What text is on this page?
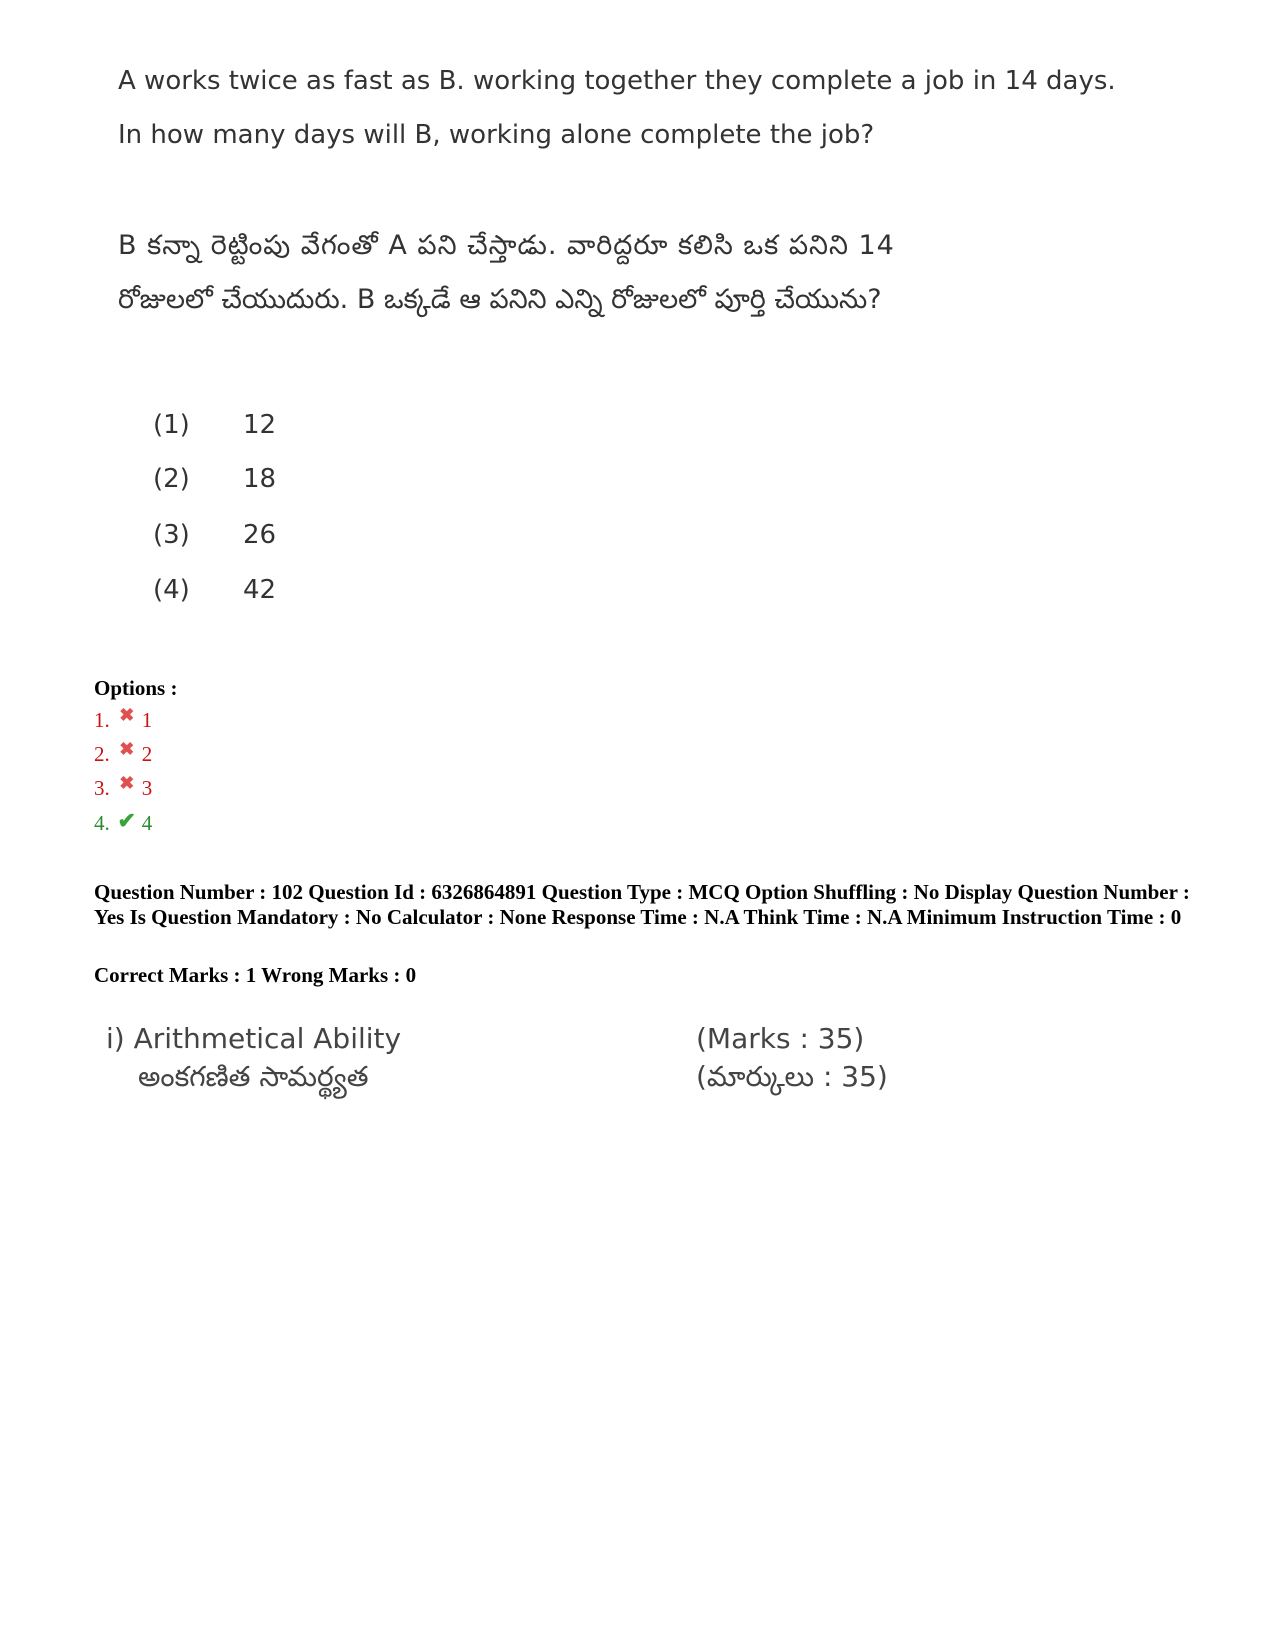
A works twice as fast as B. working together they complete a job in 14 days.
In how many days will B, working alone complete the job?
B కన్నా రెట్టింపు వేగంతో A పని చేస్తాడు. వారిద్దరూ కలిసి ఒక పనిని 14
రోజులలో చేయుదురు. B ఒక్కడే ఆ పనిని ఎన్ని రోజులలో పూర్తి చేయును?
(1) 12
(2) 18
(3) 26
(4) 42
Options :
1. ✖ 1
2. ✖ 2
3. ✖ 3
4. ✔ 4
Question Number : 102 Question Id : 6326864891 Question Type : MCQ Option Shuffling : No Display Question Number : Yes Is Question Mandatory : No Calculator : None Response Time : N.A Think Time : N.A Minimum Instruction Time : 0
Correct Marks : 1 Wrong Marks : 0
i) Arithmetical Ability
అంకగణిత సామర్థ్యత
(Marks : 35)
(మార్కులు : 35)
